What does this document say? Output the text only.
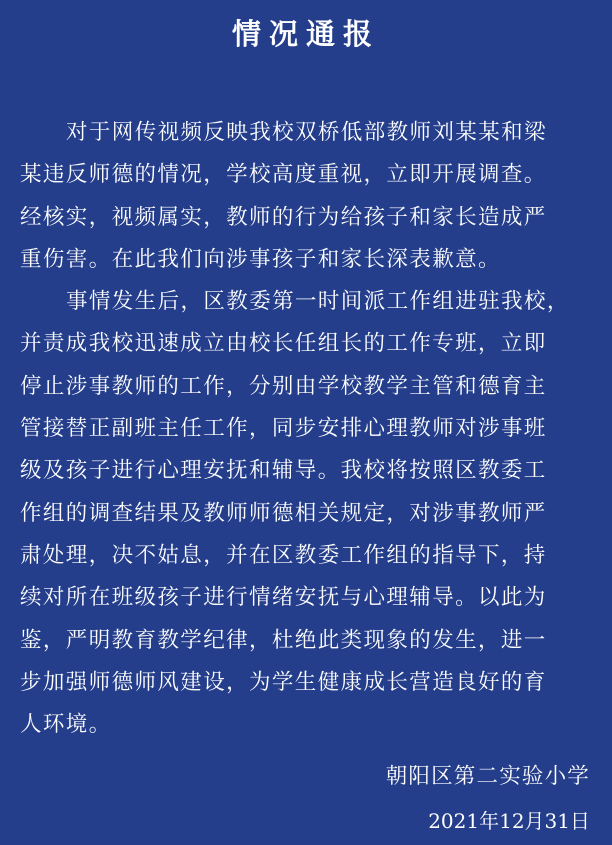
情况通报
对于网传视频反映我校双桥低部教师刘某某和梁
某违反师德的情况，学校高度重视，立即开展调查。
经核实，视频属实，教师的行为给孩子和家长造成严
重伤害。在此我们向涉事孩子和家长深表歉意。
事情发生后，区教委第一时间派工作组进驻我校，
并责成我校迅速成立由校长任组长的工作专班，立即
停止涉事教师的工作，分别由学校教学主管和德育主
管接替正副班主任工作，同步安排心理教师对涉事班
级及孩子进行心理安抚和辅导。我校将按照区教委工
作组的调查结果及教师师德相关规定，对涉事教师严
肃处理，决不姑息，并在区教委工作组的指导下，持
续对所在班级孩子进行情绪安抚与心理辅导。以此为
鉴，严明教育教学纪律，杜绝此类现象的发生，进一
步加强师德师风建设，为学生健康成长营造良好的育
人环境。
朝阳区第二实验小学
2021年12月31日
